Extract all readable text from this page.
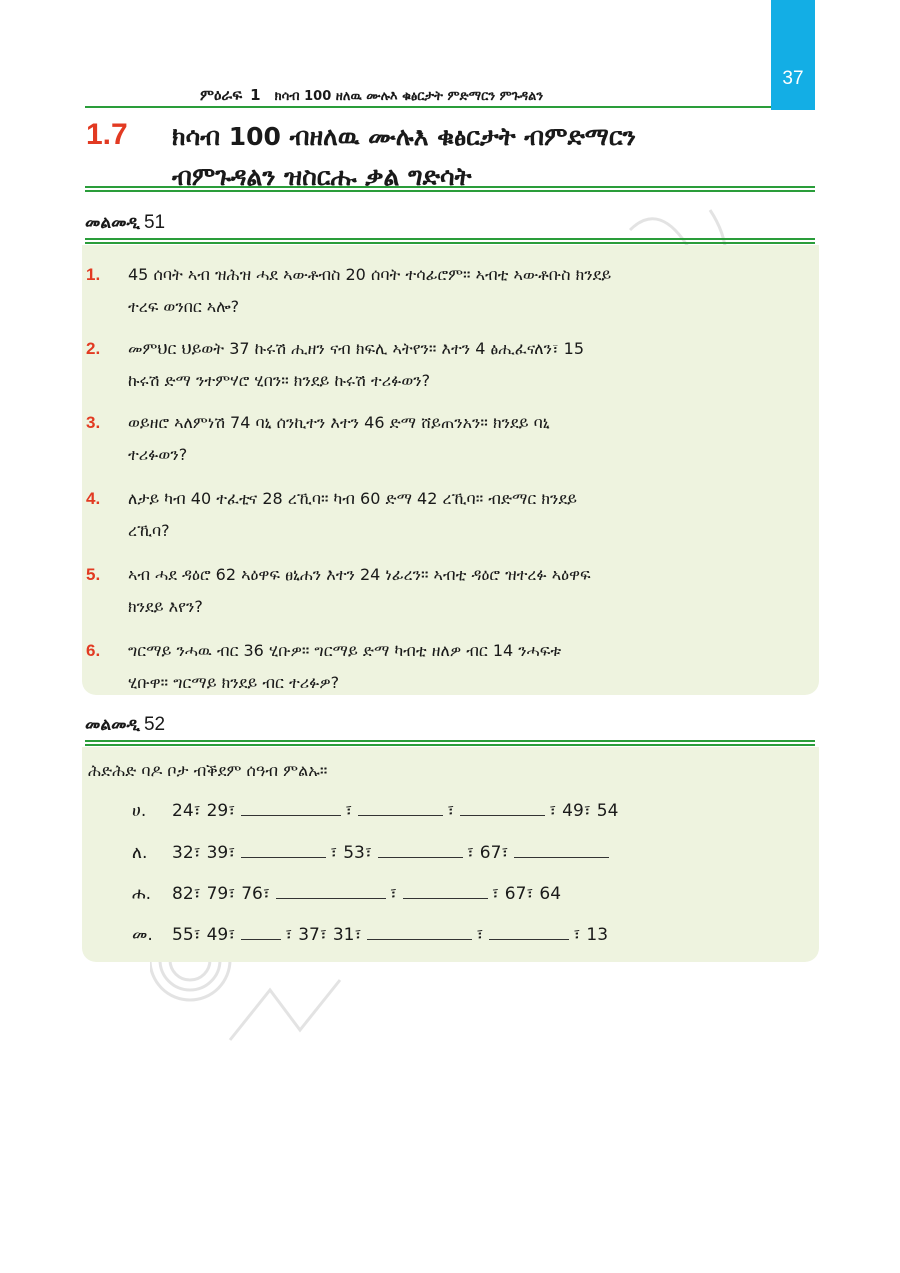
37
ምዕራፍ 1 ክሳብ 100 ዘለዉ ሙሉእ ቁፅርታት ምድማርን ምጉዳልን
1.7 ክሳብ 100 ብዘለዉ ሙሉእ ቁፅርታት ብምድማርን
ብምጉዳልን ዝስርሑ ቃል ግድሳት
መልመዲ 51
1. 45 ሰባት ኣብ ዝሕዝ ሓደ ኣውቶብስ 20 ሰባት ተሳፊሮም። ኣብቲ ኣውቶቡስ ክንደይ
ተረፍ ወንበር ኣሎ?
2. መምህር ህይወት 37 ኩሩሽ ሒዘን ናብ ክፍሊ ኣትየን። እተን 4 ፅሒፈናለን፣ 15
ኩሩሽ ድማ ንተምሃሮ ሂበን። ክንደይ ኩሩሽ ተሪፉወን?
3. ወይዘሮ ኣለምነሽ 74 ባኒ ሰንኪተን እተን 46 ድማ ሸይጠንአን። ክንደይ ባኒ
ተሪፉወን?
4. ለታይ ካብ 40 ተፈቲና 28 ረኺባ። ካብ 60 ድማ 42 ረኺባ። ብድማር ክንደይ
ረኺባ?
5. ኣብ ሓደ ዳዕሮ 62 ኣዕዋፍ ፀኒሐን እተን 24 ነፊረን። ኣብቲ ዳዕሮ ዝተረፉ ኣዕዋፍ
ክንደይ እየን?
6. ግርማይ ንሓዉ ብር 36 ሂቡዎ። ግርማይ ድማ ካብቲ ዘለዎ ብር 14 ንሓፍቱ
ሂቡዋ። ግርማይ ክንደይ ብር ተሪፉዎ?
መልመዲ 52
ሕድሕድ ባዶ ቦታ ብቕደም ሰዓብ ምልኡ።
ሀ. 24፣ 29፣	፣	፣	፣ 49፣ 54
ለ. 32፣ 39፣	፣ 53፣	፣ 67፣
ሐ. 82፣ 79፣ 76፣	፣	፣ 67፣ 64
መ. 55፣ 49፣	፣ 37፣ 31፣	፣	፣ 13
